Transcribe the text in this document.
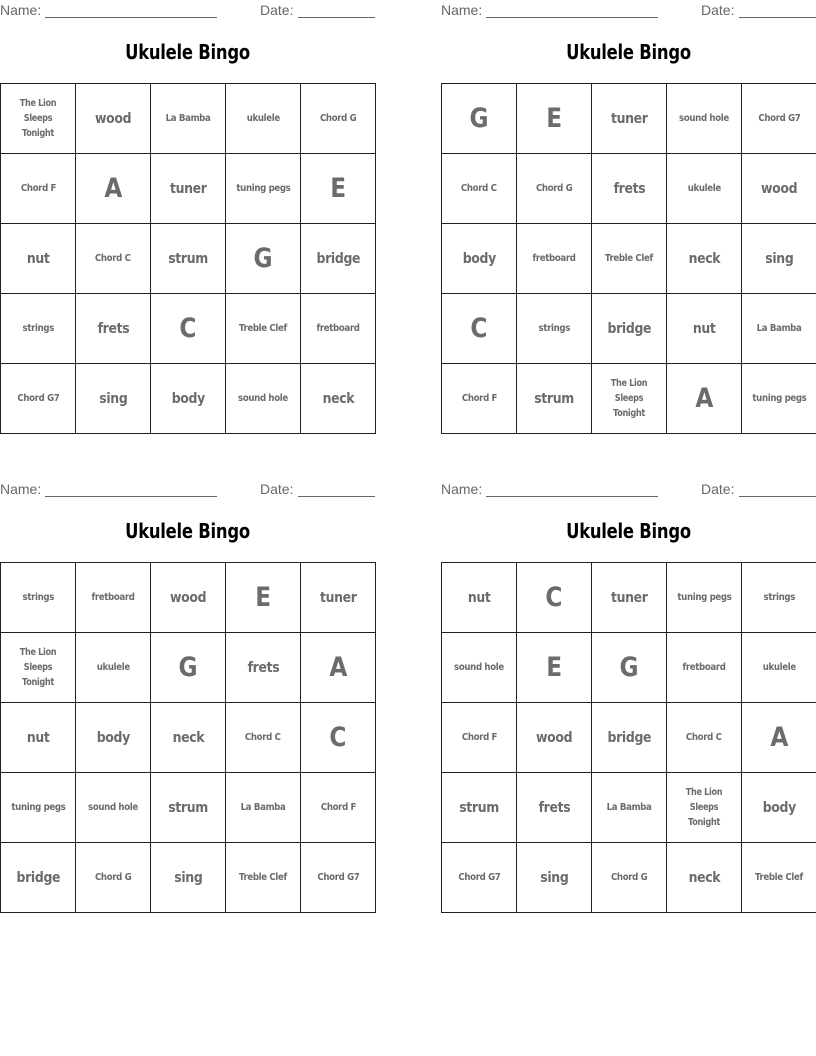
Name:	Date:
Ukulele Bingo
The Lion Sleeps Tonight	wood	La Bamba	ukulele	Chord G
Chord F	A	tuner	tuning pegs	E
nut	Chord C	strum	G	bridge
strings	frets	C	Treble Clef	fretboard
Chord G7	sing	body	sound hole	neck
Name:	Date:
Ukulele Bingo
G	E	tuner	sound hole	Chord G7
Chord C	Chord G	frets	ukulele	wood
body	fretboard	Treble Clef	neck	sing
C	strings	bridge	nut	La Bamba
Chord F	strum	The Lion Sleeps Tonight	A	tuning pegs
Name:	Date:
Ukulele Bingo
strings	fretboard	wood	E	tuner
The Lion Sleeps Tonight	ukulele	G	frets	A
nut	body	neck	Chord C	C
tuning pegs	sound hole	strum	La Bamba	Chord F
bridge	Chord G	sing	Treble Clef	Chord G7
Name:	Date:
Ukulele Bingo
nut	C	tuner	tuning pegs	strings
sound hole	E	G	fretboard	ukulele
Chord F	wood	bridge	Chord C	A
strum	frets	La Bamba	The Lion Sleeps Tonight	body
Chord G7	sing	Chord G	neck	Treble Clef
